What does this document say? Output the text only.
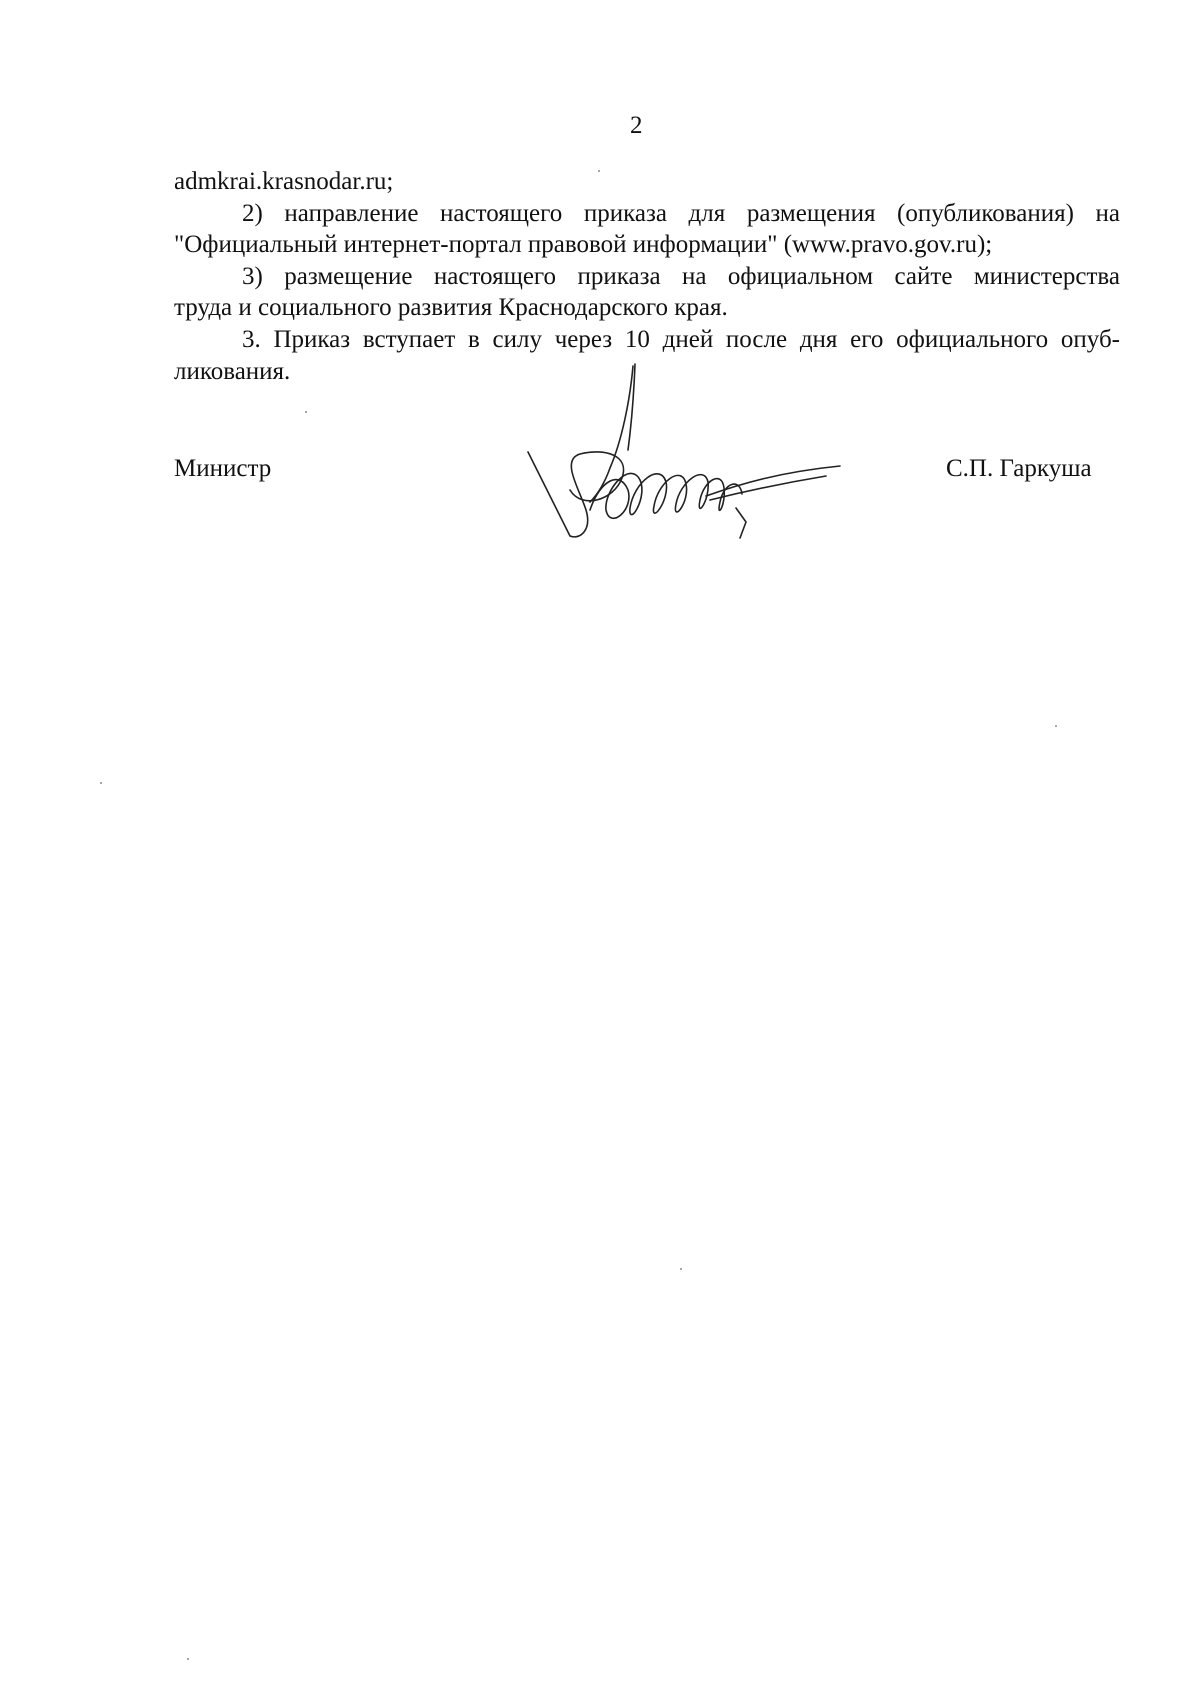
2
admkrai.krasnodar.ru;
2) направление настоящего приказа для размещения (опубликования) на
"Официальный интернет-портал правовой информации" (www.pravo.gov.ru);
3) размещение настоящего приказа на официальном сайте министерства
труда и социального развития Краснодарского края.
3. Приказ вступает в силу через 10 дней после дня его официального опуб-
ликования.
Министр	С.П. Гаркуша
